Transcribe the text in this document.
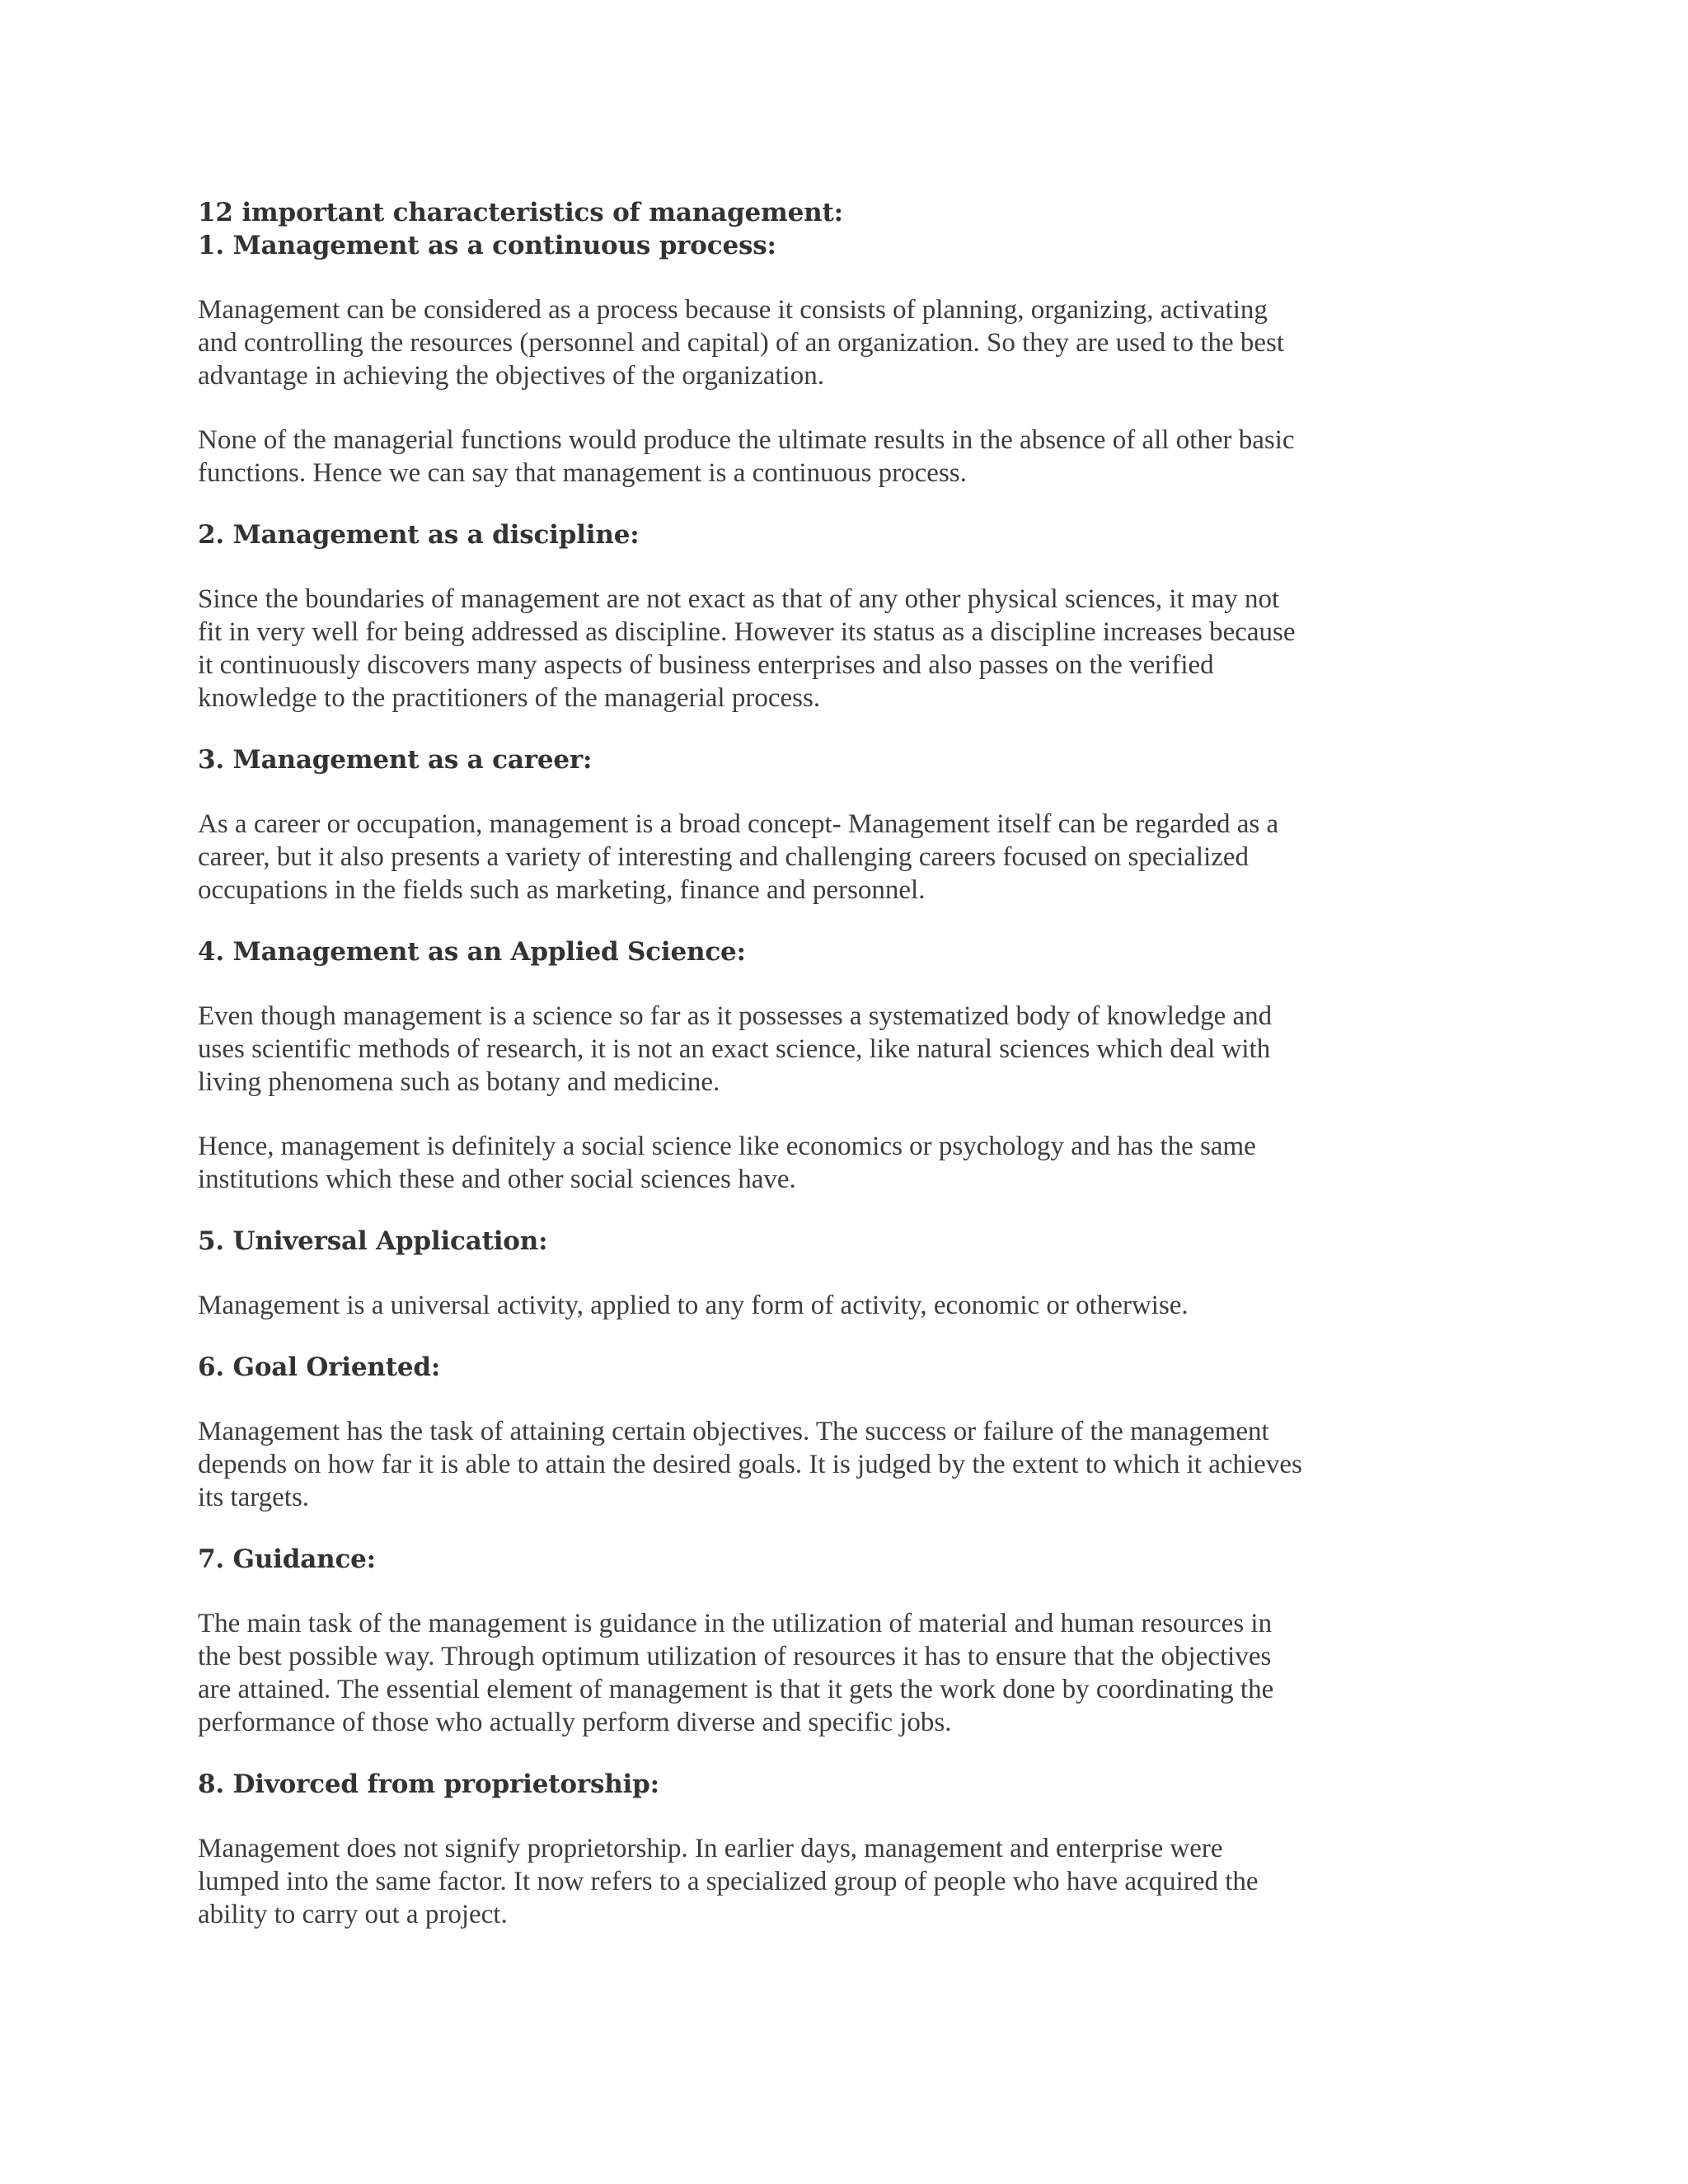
12 important characteristics of management:
1. Management as a continuous process:
Management can be considered as a process because it consists of planning, organizing, activating
and controlling the resources (personnel and capital) of an organization. So they are used to the best
advantage in achieving the objectives of the organization.
None of the managerial functions would produce the ultimate results in the absence of all other basic
functions. Hence we can say that management is a continuous process.
2. Management as a discipline:
Since the boundaries of management are not exact as that of any other physical sciences, it may not
fit in very well for being addressed as discipline. However its status as a discipline increases because
it continuously discovers many aspects of business enterprises and also passes on the verified
knowledge to the practitioners of the managerial process.
3. Management as a career:
As a career or occupation, management is a broad concept- Management itself can be regarded as a
career, but it also presents a variety of interesting and challenging careers focused on specialized
occupations in the fields such as marketing, finance and personnel.
4. Management as an Applied Science:
Even though management is a science so far as it possesses a systematized body of knowledge and
uses scientific methods of research, it is not an exact science, like natural sciences which deal with
living phenomena such as botany and medicine.
Hence, management is definitely a social science like economics or psychology and has the same
institutions which these and other social sciences have.
5. Universal Application:
Management is a universal activity, applied to any form of activity, economic or otherwise.
6. Goal Oriented:
Management has the task of attaining certain objectives. The success or failure of the management
depends on how far it is able to attain the desired goals. It is judged by the extent to which it achieves
its targets.
7. Guidance:
The main task of the management is guidance in the utilization of material and human resources in
the best possible way. Through optimum utilization of resources it has to ensure that the objectives
are attained. The essential element of management is that it gets the work done by coordinating the
performance of those who actually perform diverse and specific jobs.
8. Divorced from proprietorship:
Management does not signify proprietorship. In earlier days, management and enterprise were
lumped into the same factor. It now refers to a specialized group of people who have acquired the
ability to carry out a project.
